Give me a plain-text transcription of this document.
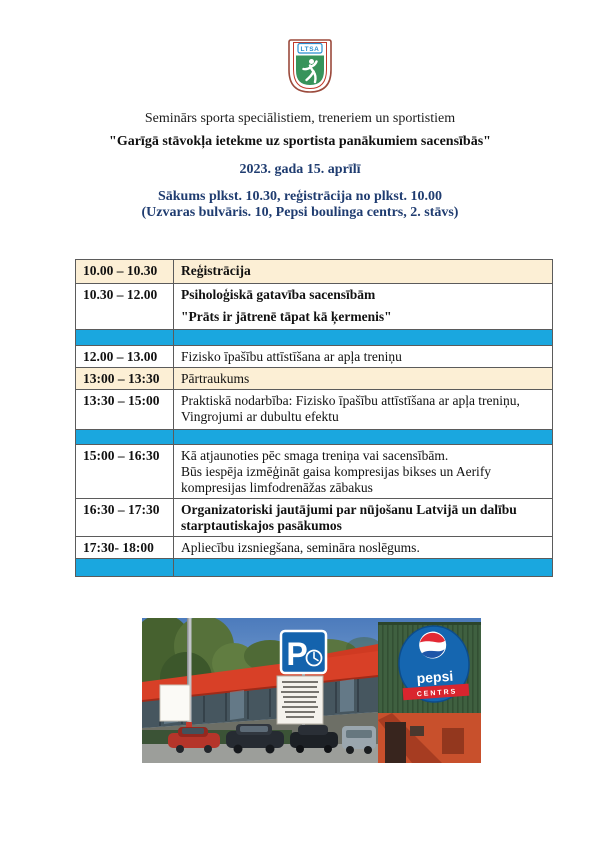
LTSA
Seminārs sporta speciālistiem, treneriem un sportistiem
"Garīgā stāvokļa ietekme uz sportista panākumiem sacensībās"
2023. gada 15. aprīlī
Sākums plkst. 10.30, reģistrācija no plkst. 10.00
(Uzvaras bulvāris. 10, Pepsi boulinga centrs, 2. stāvs)
10.00 – 10.30	Reģistrācija

10.30 – 12.00	Psiholoģiskā gatavība sacensībām
"Prāts ir jātrenē tāpat kā ķermenis"

12.00 – 13.00	Fizisko īpašību attīstīšana ar apļa treniņu

13:00 – 13:30	Pārtraukums

13:30 – 15:00	Praktiskā nodarbība: Fizisko īpašību attīstīšana ar apļa treniņu,
Vingrojumi ar dubultu efektu

15:00 – 16:30	Kā atjaunoties pēc smaga treniņa vai sacensībām.
Būs iespēja izmēģināt gaisa kompresijas bikses un Aerify
kompresijas limfodrenāžas zābakus

16:30 – 17:30	Organizatoriski jautājumi par nūjošanu Latvijā un dalību
starptautiskajos pasākumos

17:30- 18:00	Apliecību izsniegšana, semināra noslēgums.

pepsi
C E N T R S
P
